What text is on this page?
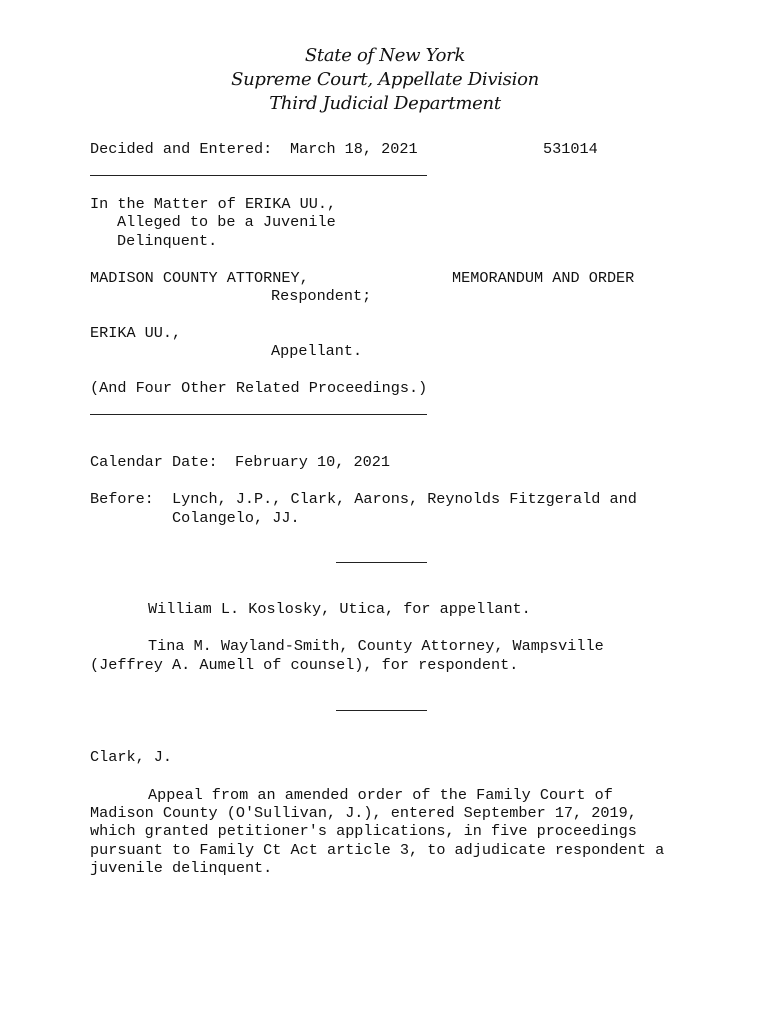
State of New York
Supreme Court, Appellate Division
Third Judicial Department
Decided and Entered: March 18, 2021	531014
In the Matter of ERIKA UU.,
Alleged to be a Juvenile
Delinquent.
MADISON COUNTY ATTORNEY,	MEMORANDUM AND ORDER
Respondent;
ERIKA UU.,
Appellant.
(And Four Other Related Proceedings.)
Calendar Date: February 10, 2021
Before: Lynch, J.P., Clark, Aarons, Reynolds Fitzgerald and
Colangelo, JJ.
William L. Koslosky, Utica, for appellant.
Tina M. Wayland-Smith, County Attorney, Wampsville
(Jeffrey A. Aumell of counsel), for respondent.
Clark, J.
Appeal from an amended order of the Family Court of
Madison County (O'Sullivan, J.), entered September 17, 2019,
which granted petitioner's applications, in five proceedings
pursuant to Family Ct Act article 3, to adjudicate respondent a
juvenile delinquent.
